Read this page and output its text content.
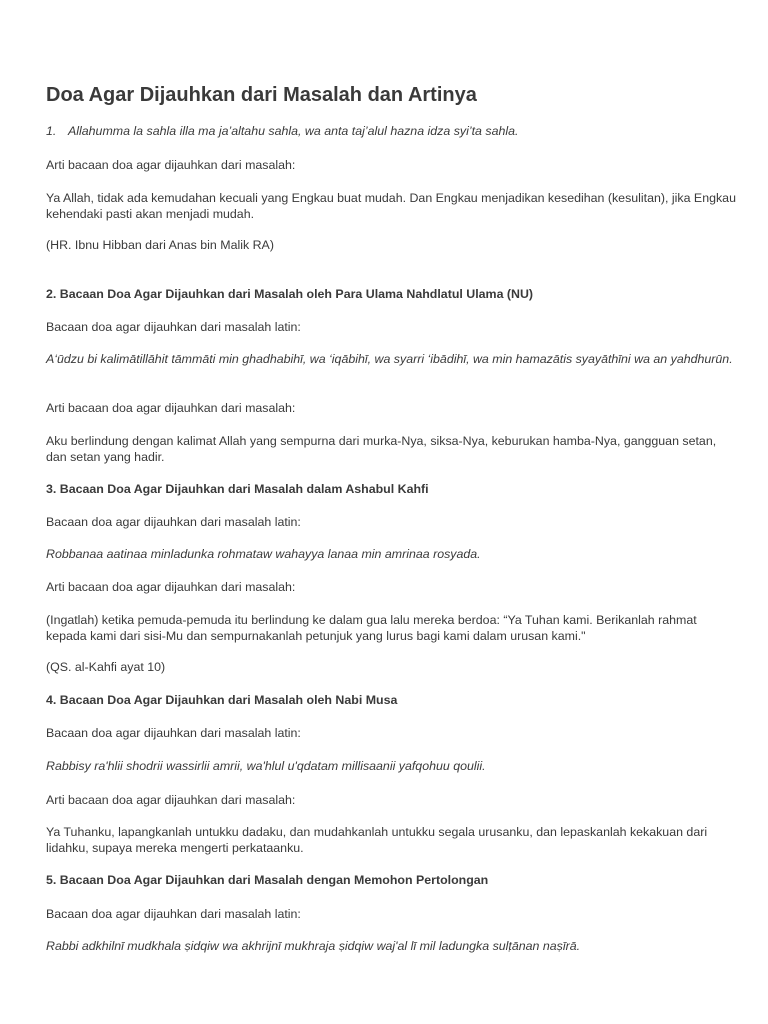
Doa Agar Dijauhkan dari Masalah dan Artinya

1. Allahumma la sahla illa ma ja’altahu sahla, wa anta taj’alul hazna idza syi’ta sahla.

Arti bacaan doa agar dijauhkan dari masalah:

Ya Allah, tidak ada kemudahan kecuali yang Engkau buat mudah. Dan Engkau menjadikan kesedihan (kesulitan), jika Engkau kehendaki pasti akan menjadi mudah.

(HR. Ibnu Hibban dari Anas bin Malik RA)

2. Bacaan Doa Agar Dijauhkan dari Masalah oleh Para Ulama Nahdlatul Ulama (NU)

Bacaan doa agar dijauhkan dari masalah latin:

A‘ūdzu bi kalimātillāhit tāmmāti min ghadhabihī, wa ‘iqābihī, wa syarri ‘ibādihī, wa min hamazātis syayāthīni wa an yahdhurūn.

Arti bacaan doa agar dijauhkan dari masalah:

Aku berlindung dengan kalimat Allah yang sempurna dari murka-Nya, siksa-Nya, keburukan hamba-Nya, gangguan setan, dan setan yang hadir.

3. Bacaan Doa Agar Dijauhkan dari Masalah dalam Ashabul Kahfi

Bacaan doa agar dijauhkan dari masalah latin:

Robbanaa aatinaa minladunka rohmataw wahayya lanaa min amrinaa rosyada.

Arti bacaan doa agar dijauhkan dari masalah:

(Ingatlah) ketika pemuda-pemuda itu berlindung ke dalam gua lalu mereka berdoa: “Ya Tuhan kami. Berikanlah rahmat kepada kami dari sisi-Mu dan sempurnakanlah petunjuk yang lurus bagi kami dalam urusan kami."

(QS. al-Kahfi ayat 10)

4. Bacaan Doa Agar Dijauhkan dari Masalah oleh Nabi Musa

Bacaan doa agar dijauhkan dari masalah latin:

Rabbisy ra'hlii shodrii wassirlii amrii, wa'hlul u'qdatam millisaanii yafqohuu qoulii.

Arti bacaan doa agar dijauhkan dari masalah:

Ya Tuhanku, lapangkanlah untukku dadaku, dan mudahkanlah untukku segala urusanku, dan lepaskanlah kekakuan dari lidahku, supaya mereka mengerti perkataanku.

5. Bacaan Doa Agar Dijauhkan dari Masalah dengan Memohon Pertolongan

Bacaan doa agar dijauhkan dari masalah latin:

Rabbi adkhilnī mudkhala ṣidqiw wa akhrijnī mukhraja ṣidqiw waj'al lī mil ladungka sulṭānan naṣīrā.
